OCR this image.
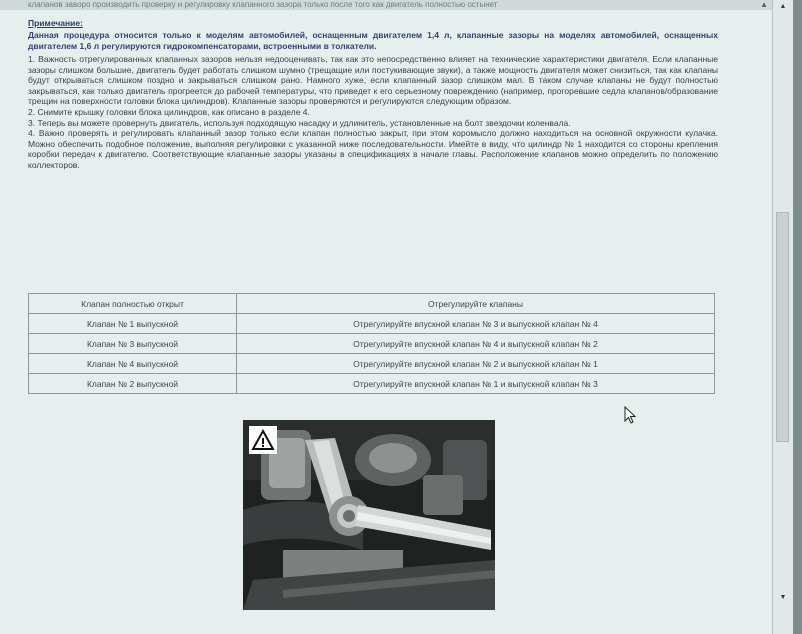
клапанов заворо производить проверку и регулировку клапанного зазора только после того как двигатель полностью остынет	▲

Примечание:

Данная процедура относится только к моделям автомобилей, оснащенным двигателем 1,4 л, клапанные зазоры на моделях автомобилей, оснащенных двигателем 1,6 л регулируются гидрокомпенсаторами, встроенными в толкатели.

1. Важность отрегулированных клапанных зазоров нельзя недооценивать, так как это непосредственно влияет на технические характеристики двигателя. Если клапанные зазоры слишком большие, двигатель будет работать слишком шумно (трещащие или постукивающие звуки), а также мощность двигателя может снизиться, так как клапаны будут открываться слишком поздно и закрываться слишком рано. Намного хуже, если клапанный зазор слишком мал. В таком случае клапаны не будут полностью закрываться, как только двигатель прогреется до рабочей температуры, что приведет к его серьезному повреждению (например, прогоревшие седла клапанов/образование трещин на поверхности головки блока цилиндров). Клапанные зазоры проверяются и регулируются следующим образом.

2. Снимите крышку головки блока цилиндров, как описано в разделе 4.

3. Теперь вы можете провернуть двигатель, используя подходящую насадку и удлинитель, установленные на болт звездочки коленвала.

4. Важно проверять и регулировать клапанный зазор только если клапан полностью закрыт, при этом коромысло должно находиться на основной окружности кулачка. Можно обеспечить подобное положение, выполняя регулировки с указанной ниже последовательности. Имейте в виду, что цилиндр № 1 находится со стороны крепления коробки передач к двигателю. Соответствующие клапанные зазоры указаны в спецификациях в начале главы. Расположение клапанов можно определить по положению коллекторов.

Клапан полностью открыт	Отрегулируйте клапаны
Клапан № 1 выпускной	Отрегулируйте впускной клапан № 3 и выпускной клапан № 4
Клапан № 3 выпускной	Отрегулируйте впускной клапан № 4 и выпускной клапан № 2
Клапан № 4 выпускной	Отрегулируйте впускной клапан № 2 и выпускной клапан № 1
Клапан № 2 выпускной	Отрегулируйте впускной клапан № 1 и выпускной клапан № 3
▲
▼
